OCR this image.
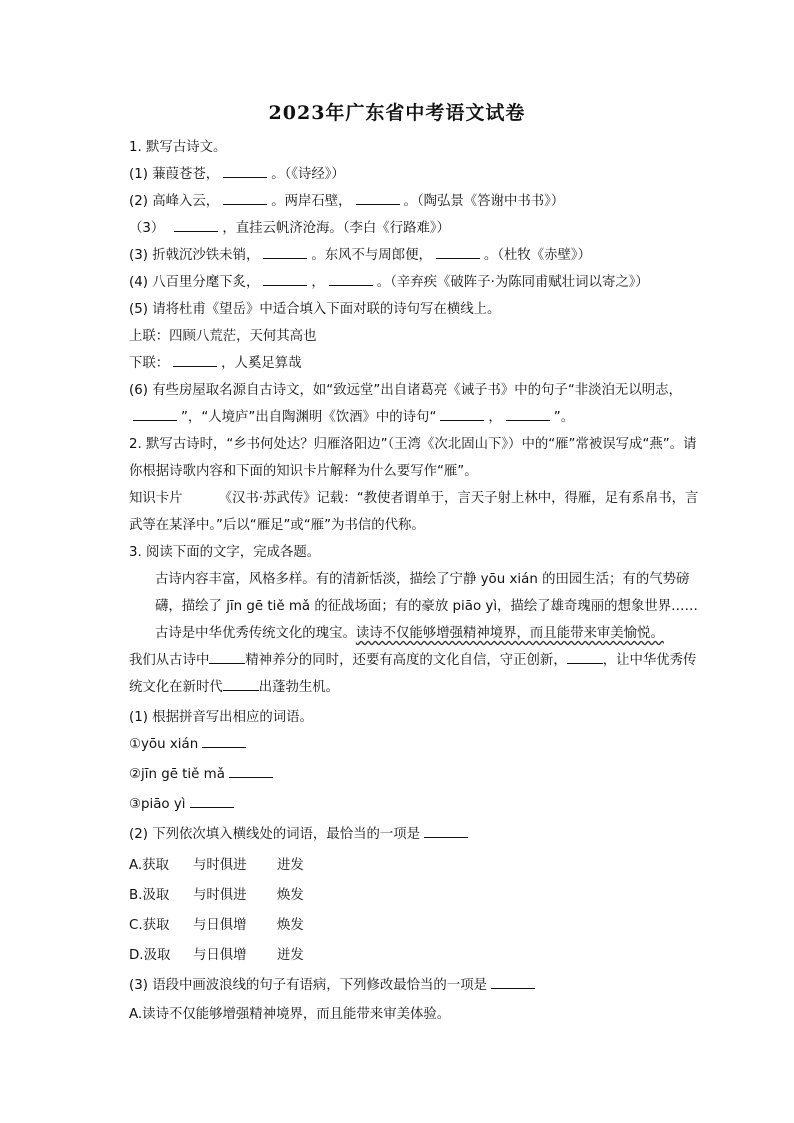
2023年广东省中考语文试卷
1. 默写古诗文。
(1) 蒹葭苍苍，	。（《诗经》）
(2) 高峰入云，	。两岸石壁，	。（陶弘景《答谢中书书》）
（3）	，直挂云帆济沧海。（李白《行路难》）
(3) 折戟沉沙铁未销，	。东风不与周郎便，	。（杜牧《赤壁》）
(4) 八百里分麾下炙，	，	。（辛弃疾《破阵子·为陈同甫赋壮词以寄之》）
(5) 请将杜甫《望岳》中适合填入下面对联的诗句写在横线上。
上联：四顾八荒茫，天何其高也
下联：	，人奚足算哉
(6) 有些房屋取名源自古诗文，如“致远堂”出自诸葛亮《诫子书》中的句子“非淡泊无以明志，”，“人境庐”出自陶渊明《饮酒》中的诗句“	，	”。
2. 默写古诗时，“乡书何处达？归雁洛阳边”（王湾《次北固山下》）中的“雁”常被误写成“燕”。请你根据诗歌内容和下面的知识卡片解释为什么要写作“雁”。
知识卡片	《汉书·苏武传》记载：“教使者谓单于，言天子射上林中，得雁，足有系帛书，言武等在某泽中。”后以“雁足”或“雁”为书信的代称。
3. 阅读下面的文字，完成各题。
古诗内容丰富，风格多样。有的清新恬淡，描绘了宁静 yōu xián 的田园生活；有的气势磅礴，描绘了 jīn gē tiě mǎ 的征战场面；有的豪放 piāo yì，描绘了雄奇瑰丽的想象世界……
古诗是中华优秀传统文化的瑰宝。读诗不仅能够增强精神境界，而且能带来审美愉悦。
我们从古诗中	精神养分的同时，还要有高度的文化自信，守正创新，	，让中华优秀传统文化在新时代	出蓬勃生机。
(1) 根据拼音写出相应的词语。
①yōu xián
②jīn gē tiě mǎ
③piāo yì
(2) 下列依次填入横线处的词语，最恰当的一项是
A.获取 与时俱进 进发
B.汲取 与时俱进 焕发
C.获取 与日俱增 焕发
D.汲取 与日俱增 迸发
(3) 语段中画波浪线的句子有语病，下列修改最恰当的一项是
A.读诗不仅能够增强精神境界，而且能带来审美体验。
